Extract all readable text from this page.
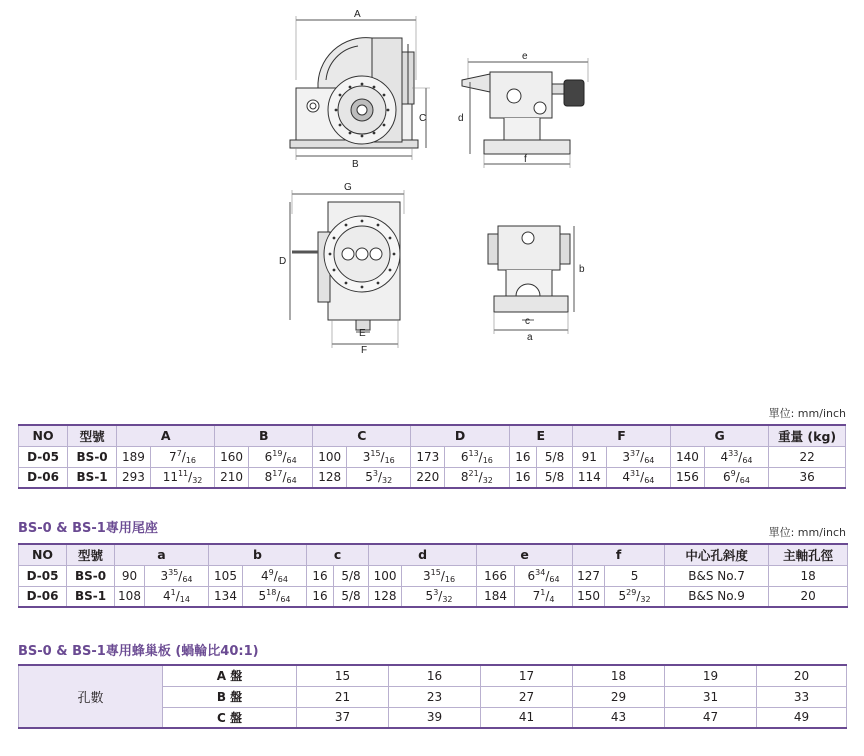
A
C
B
e
d
f
G
D
E
F
b
c
a
單位: mm/inch
NO	型號	A		B		C		D		E		F		G		重量 (kg)
D-05	BS-0	189	$7^7/_{16}$	160	$6^{19}/_{64}$	100	$3^{15}/_{16}$	173	$6^{13}/_{16}$	16	5/8	91	$3^{37}/_{64}$	140	$4^{33}/_{64}$	22
D-06	BS-1	293	$11^{11}/_{32}$	210	$8^{17}/_{64}$	128	$5^3/_{32}$	220	$8^{21}/_{32}$	16	5/8	114	$4^{31}/_{64}$	156	$6^9/_{64}$	36
BS-0 & BS-1專用尾座	單位: mm/inch
NO	型號	a		b		c		d		e		f		中心孔斜度	主軸孔徑
D-05	BS-0	90	$3^{35}/_{64}$	105	$4^9/_{64}$	16	5/8	100	$3^{15}/_{16}$	166	$6^{34}/_{64}$	127	5	B&S No.7	18
D-06	BS-1	108	$4^1/_{14}$	134	$5^{18}/_{64}$	16	5/8	128	$5^3/_{32}$	184	$7^1/_4$	150	$5^{29}/_{32}$	B&S No.9	20
BS-0 & BS-1專用蜂巢板 (蝸輪比40:1)
孔數	A 盤	15	16	17	18	19	20
	B 盤	21	23	27	29	31	33
	C 盤	37	39	41	43	47	49
